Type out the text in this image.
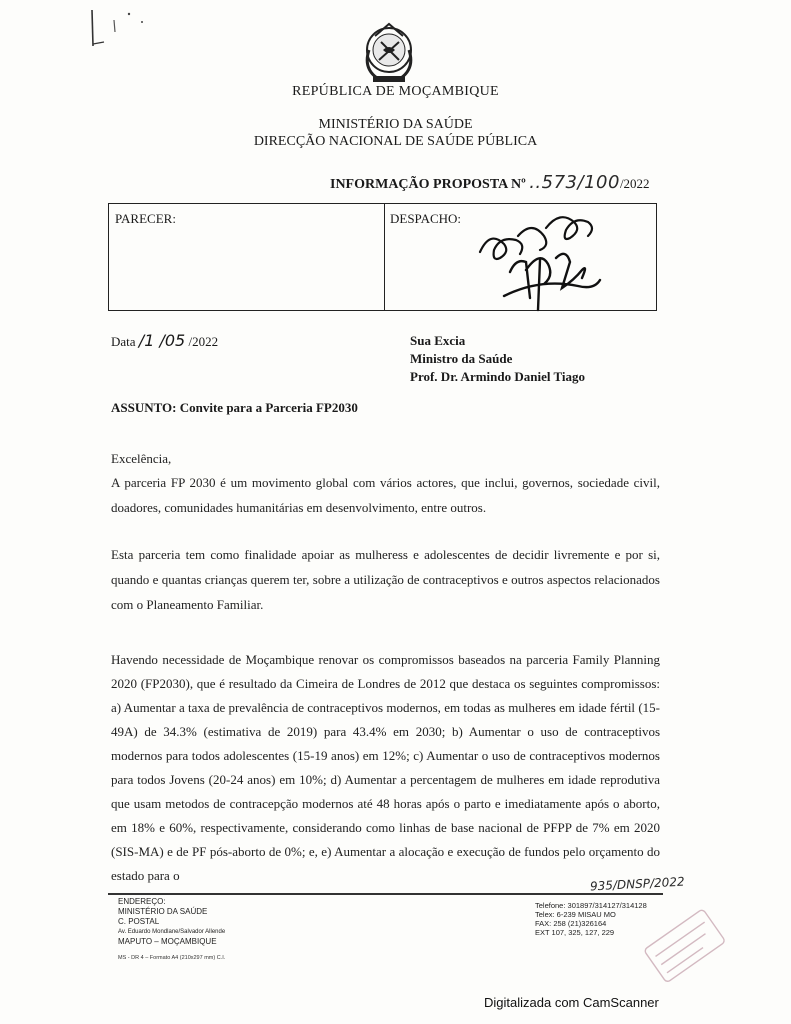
REPÚBLICA DE MOÇAMBIQUE
MINISTÉRIO DA SAÚDE
DIRECÇÃO NACIONAL DE SAÚDE PÚBLICA
INFORMAÇÃO PROPOSTA Nº ..573/100/2022
PARECER:	DESPACHO:
Data /1 /05 /2022	Sua Excia
Ministro da Saúde
Prof. Dr. Armindo Daniel Tiago
ASSUNTO: Convite para a Parceria FP2030
Excelência,
A parceria FP 2030 é um movimento global com vários actores, que inclui, governos, sociedade civil, doadores, comunidades humanitárias em desenvolvimento, entre outros.
Esta parceria tem como finalidade apoiar as mulheress e adolescentes de decidir livremente e por si, quando e quantas crianças querem ter, sobre a utilização de contraceptivos e outros aspectos relacionados com o Planeamento Familiar.
Havendo necessidade de Moçambique renovar os compromissos baseados na parceria Family Planning 2020 (FP2030), que é resultado da Cimeira de Londres de 2012 que destaca os seguintes compromissos: a) Aumentar a taxa de prevalência de contraceptivos modernos, em todas as mulheres em idade fértil (15-49A) de 34.3% (estimativa de 2019) para 43.4% em 2030; b) Aumentar o uso de contraceptivos modernos para todos adolescentes (15-19 anos) em 12%; c) Aumentar o uso de contraceptivos modernos para todos Jovens (20-24 anos) em 10%; d) Aumentar a percentagem de mulheres em idade reprodutiva que usam metodos de contracepção modernos até 48 horas após o parto e imediatamente após o aborto, em 18% e 60%, respectivamente, considerando como linhas de base nacional de PFPP de 7% em 2020 (SIS-MA) e de PF pós-aborto de 0%; e, e) Aumentar a alocação e execução de fundos pelo orçamento do estado para o	935/DNSP/2022
ENDEREÇO:
MINISTÉRIO DA SAÚDE
C. POSTAL
Av. Eduardo Mondlane/Salvador Allende
MAPUTO – MOÇAMBIQUE
MS - DR 4 – Formato A4 (210x297 mm) C.I.
Telefone: 301897/314127/314128
Telex: 6-239 MISAU MO
FAX: 258 (21)326164
EXT 107, 325, 127, 229
Digitalizada com CamScanner
